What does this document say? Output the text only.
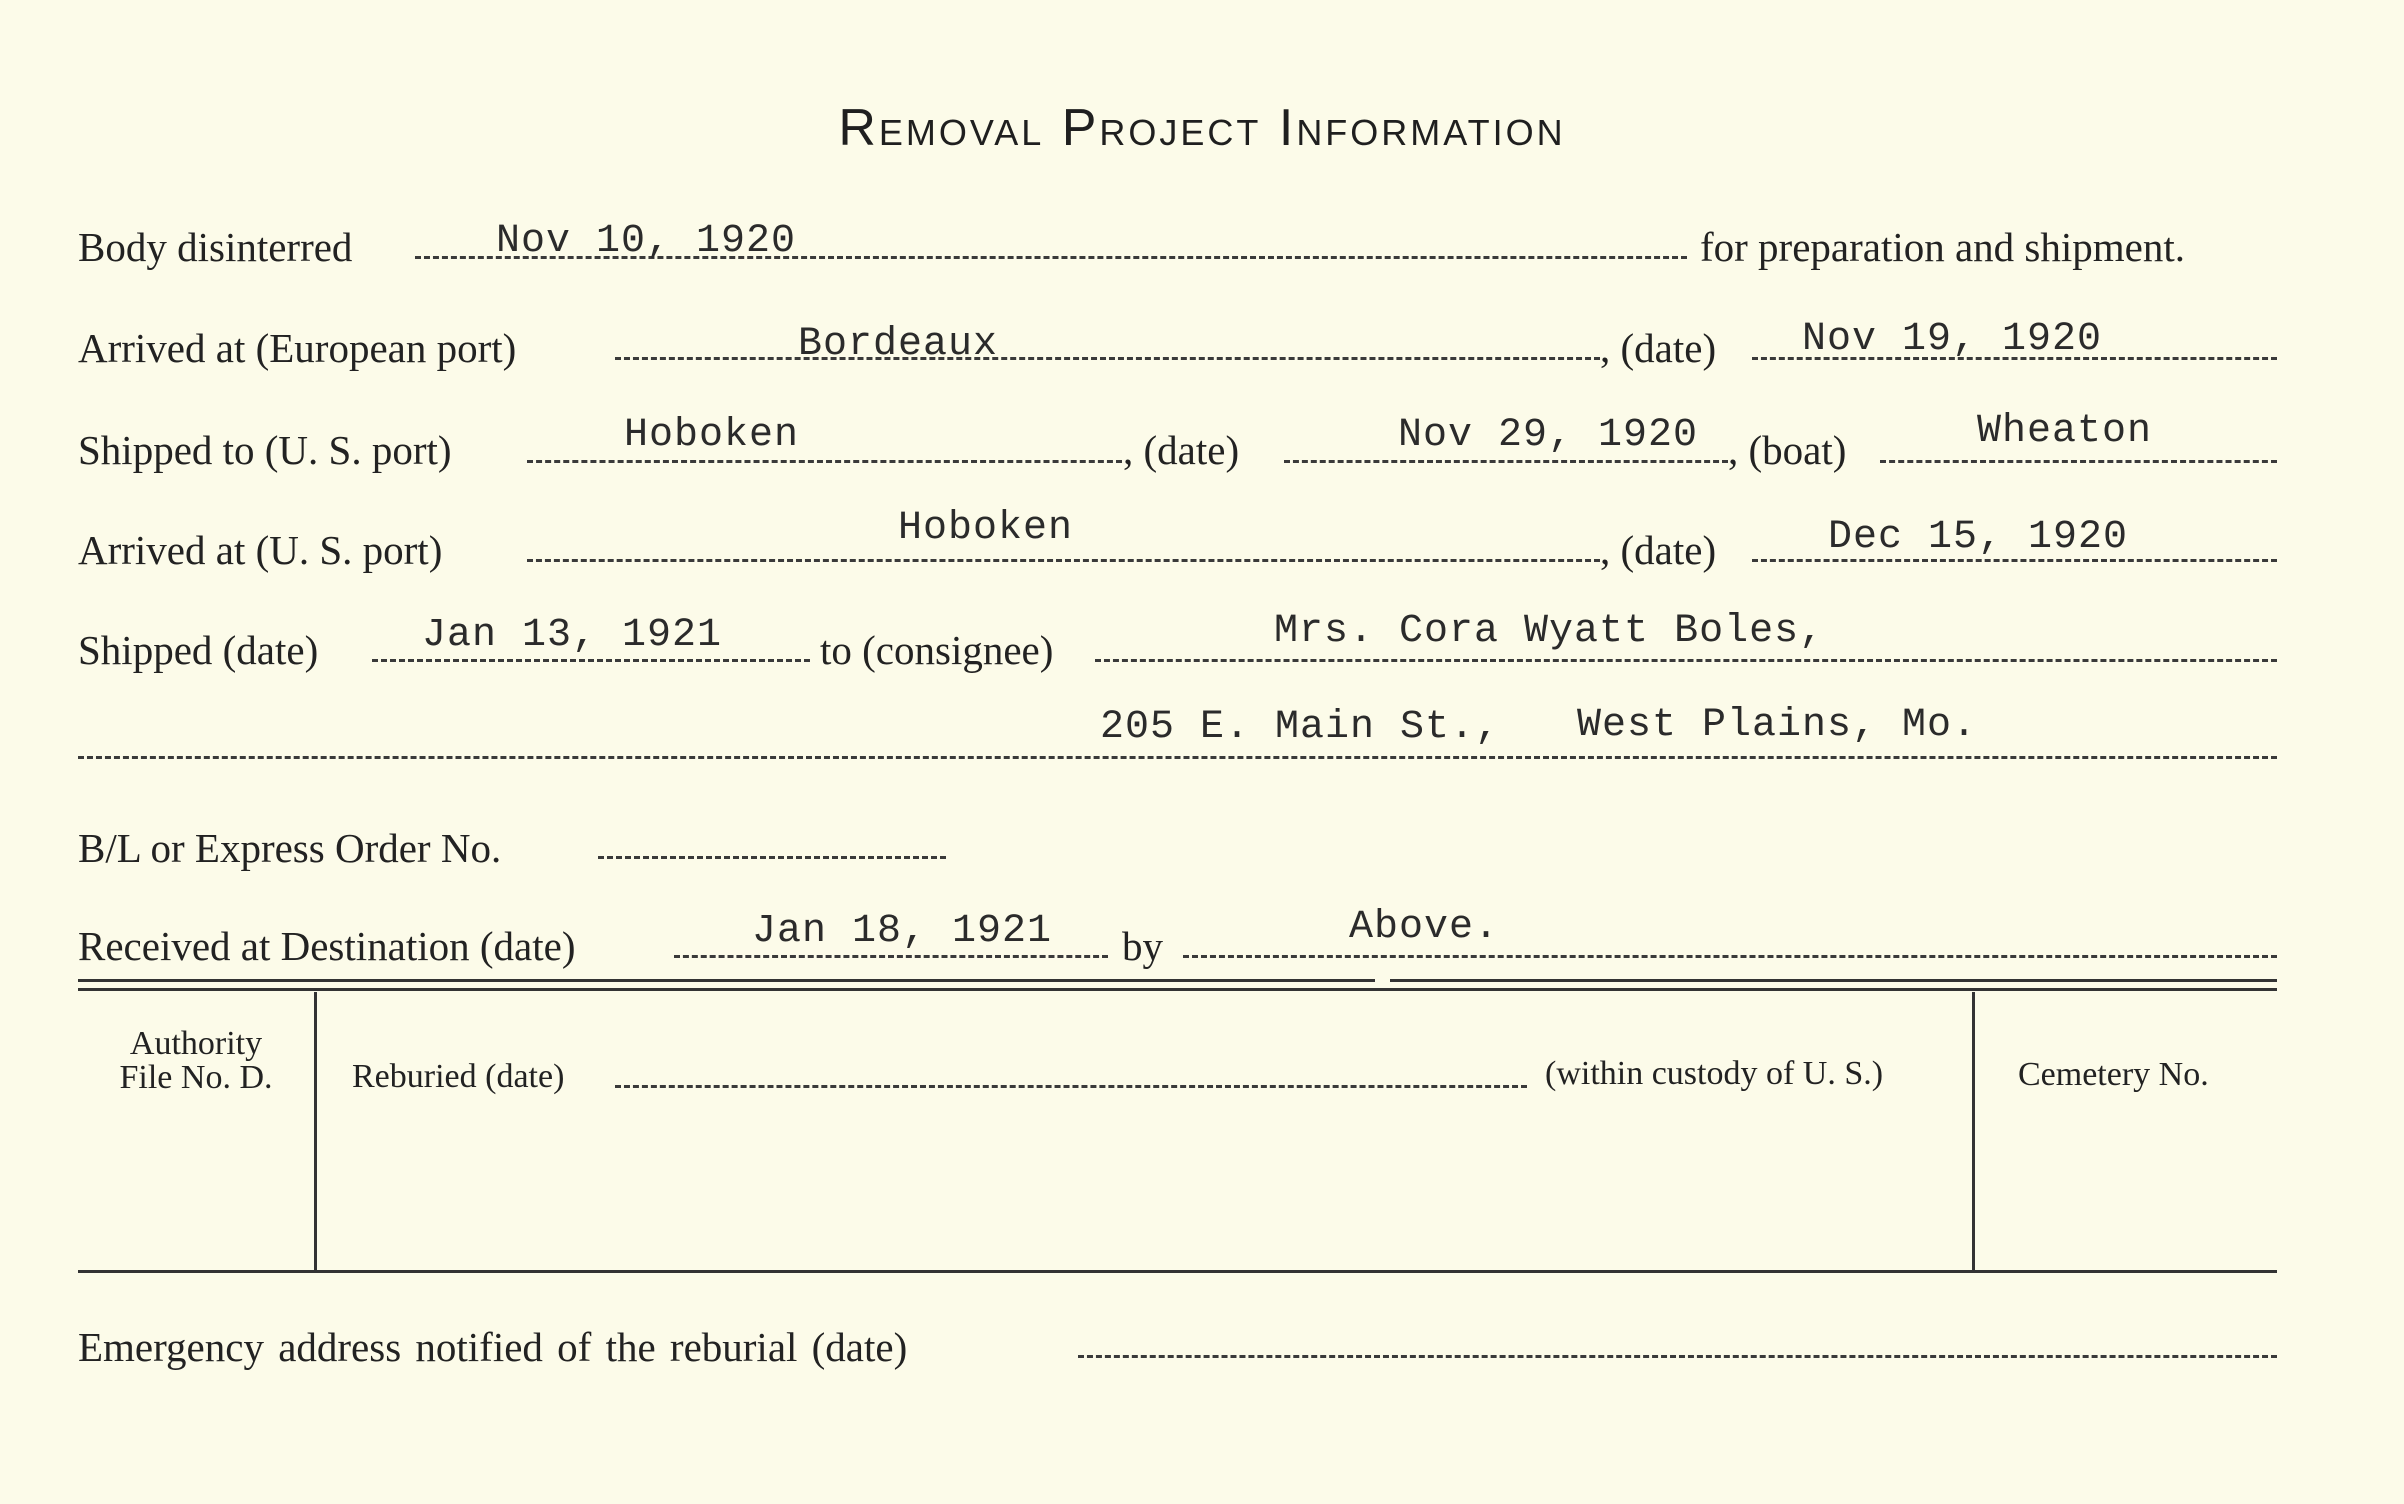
Removal Project Information
Body disinterred	Nov 10, 1920	for preparation and shipment.
Arrived at (European port)	Bordeaux	, (date) Nov 19, 1920
Shipped to (U. S. port)	Hoboken	, (date)	Nov 29, 1920 , (boat)	Wheaton
Arrived at (U. S. port)	Hoboken	, (date)	Dec 15, 1920
Shipped (date)	Jan 13, 1921 to (consignee)	Mrs. Cora Wyatt Boles,
205 E. Main St., West Plains, Mo.
B/L or Express Order No.
Received at Destination (date)	Jan 18, 1921 by	Above.
Authority
File No. D.	Reburied (date)	(within custody of U. S.)	Cemetery No.
Emergency address notified of the reburial (date)
